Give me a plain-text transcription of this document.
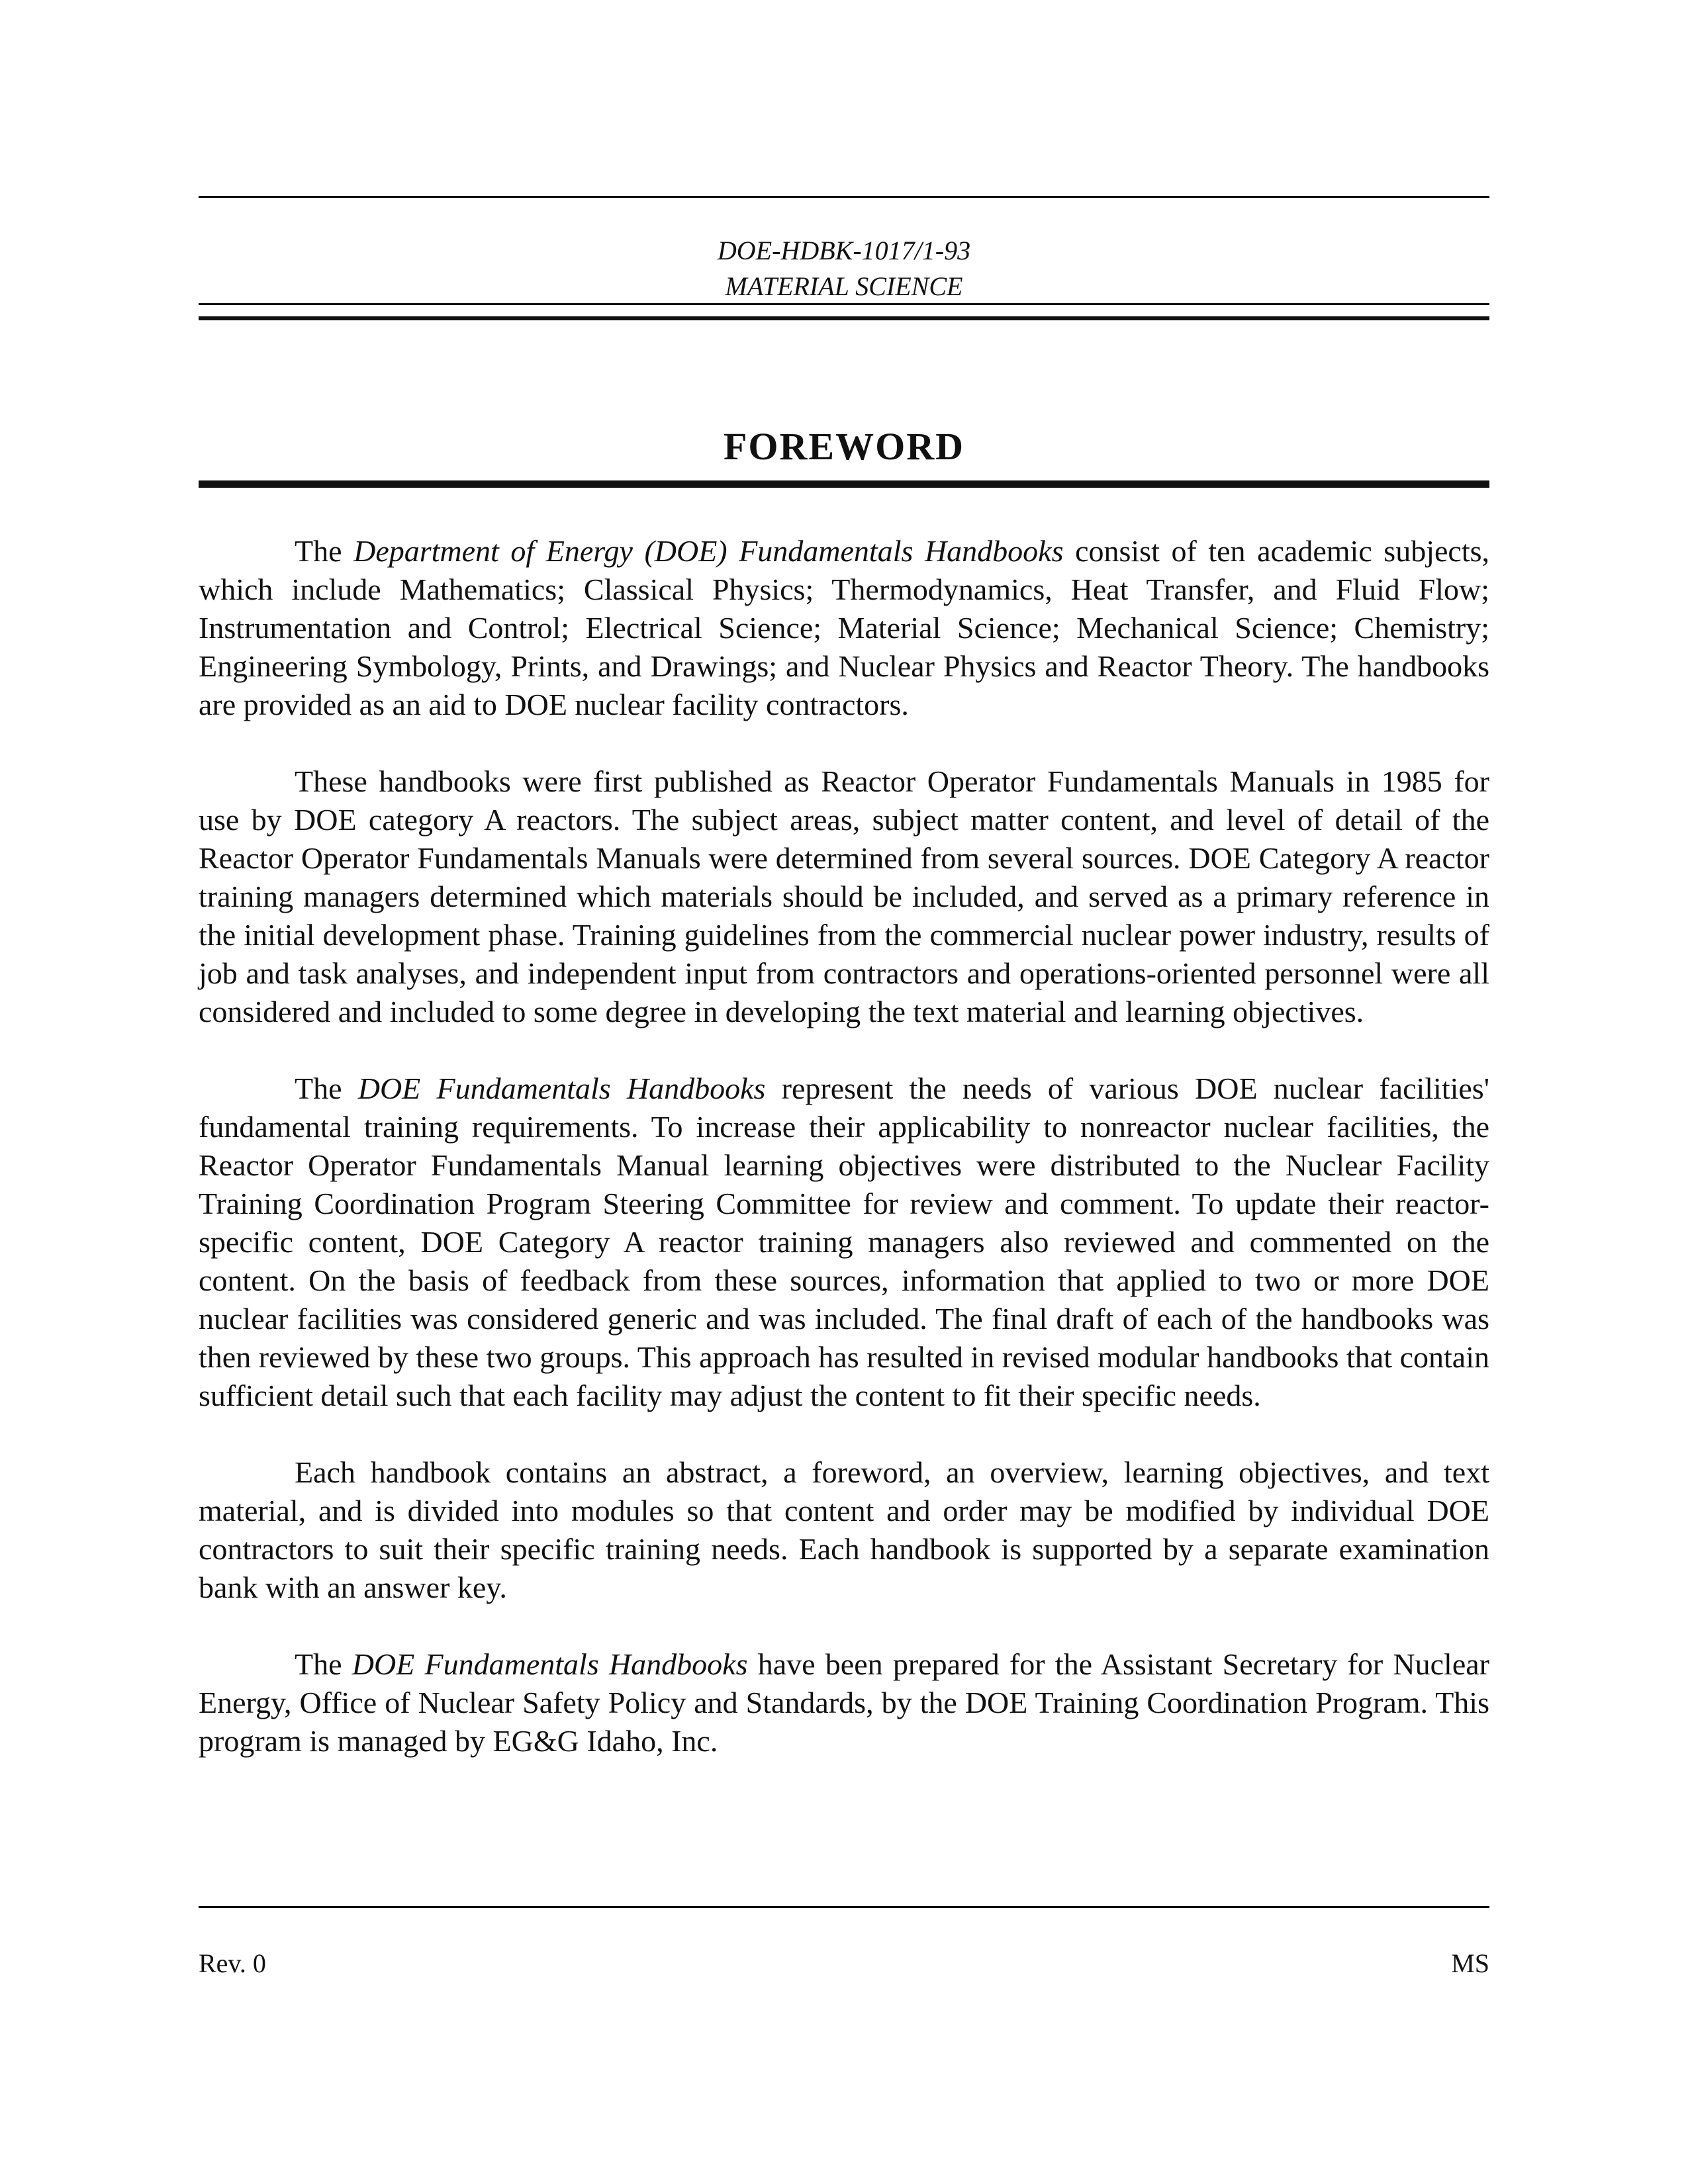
DOE-HDBK-1017/1-93
MATERIAL SCIENCE
FOREWORD

The Department of Energy (DOE) Fundamentals Handbooks consist of ten academic subjects, which include Mathematics; Classical Physics; Thermodynamics, Heat Transfer, and Fluid Flow; Instrumentation and Control; Electrical Science; Material Science; Mechanical Science; Chemistry; Engineering Symbology, Prints, and Drawings; and Nuclear Physics and Reactor Theory. The handbooks are provided as an aid to DOE nuclear facility contractors.

These handbooks were first published as Reactor Operator Fundamentals Manuals in 1985 for use by DOE category A reactors. The subject areas, subject matter content, and level of detail of the Reactor Operator Fundamentals Manuals were determined from several sources. DOE Category A reactor training managers determined which materials should be included, and served as a primary reference in the initial development phase. Training guidelines from the commercial nuclear power industry, results of job and task analyses, and independent input from contractors and operations-oriented personnel were all considered and included to some degree in developing the text material and learning objectives.

The DOE Fundamentals Handbooks represent the needs of various DOE nuclear facilities' fundamental training requirements. To increase their applicability to nonreactor nuclear facilities, the Reactor Operator Fundamentals Manual learning objectives were distributed to the Nuclear Facility Training Coordination Program Steering Committee for review and comment. To update their reactor-specific content, DOE Category A reactor training managers also reviewed and commented on the content. On the basis of feedback from these sources, information that applied to two or more DOE nuclear facilities was considered generic and was included. The final draft of each of the handbooks was then reviewed by these two groups. This approach has resulted in revised modular handbooks that contain sufficient detail such that each facility may adjust the content to fit their specific needs.

Each handbook contains an abstract, a foreword, an overview, learning objectives, and text material, and is divided into modules so that content and order may be modified by individual DOE contractors to suit their specific training needs. Each handbook is supported by a separate examination bank with an answer key.

The DOE Fundamentals Handbooks have been prepared for the Assistant Secretary for Nuclear Energy, Office of Nuclear Safety Policy and Standards, by the DOE Training Coordination Program. This program is managed by EG&G Idaho, Inc.

Rev. 0	MS
